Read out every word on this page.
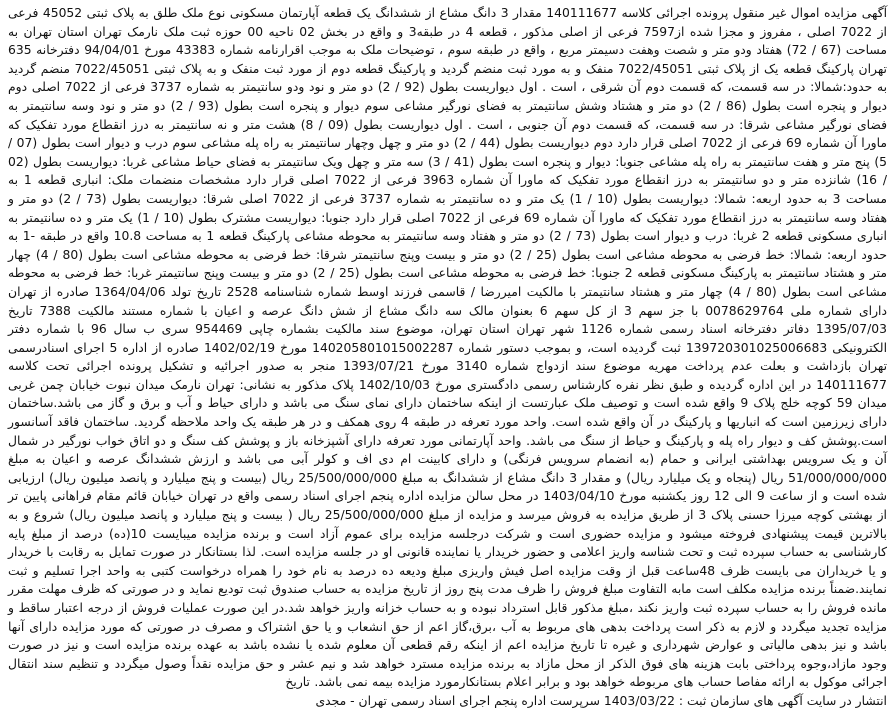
آگهی مزایده اموال غیر منقول پرونده اجرائی کلاسه 140111677 مقدار 3 دانگ مشاع از ششدانگ یک قطعه آپارتمان مسکونی نوع ملک طلق به پلاک ثبتی 45052 فرعی از 7022 اصلی ، مفروز و مجزا شده از7597 فرعی از اصلی مذکور ، قطعه 4 در طبقه3 و واقع در بخش 02 ناحیه 00 حوزه ثبت ملک نارمک تهران استان تهران به مساحت (67 / 72) هفتاد ودو متر و شصت وهفت دسیمتر مربع ، واقع در طبقه سوم ، توضیحات ملک به موجب اقرارنامه شماره 43383 مورخ 94/04/01 دفترخانه 635 تهران پارکینگ قطعه یک از پلاک ثبتی 7022/45051 منفک و به مورد ثبت منضم گردید و پارکینگ قطعه دوم از مورد ثبت منفک و به پلاک ثبتی 7022/45051 منضم گردید به حدود:شمالا: در سه قسمت، که قسمت دوم آن شرقی ، است . اول دیواریست بطول (92 / 2) دو متر و نود ودو سانتیمتر به شماره 3737 فرعی از 7022 اصلی دوم دیوار و پنجره است بطول (86 / 2) دو متر و هشتاد وشش سانتیمتر به فضای نورگیر مشاعی سوم دیوار و پنجره است بطول (93 / 2) دو متر و نود وسه سانتیمتر به فضای نورگیر مشاعی شرقا: در سه قسمت، که قسمت دوم آن جنوبی ، است . اول دیواریست بطول (09 / 8) هشت متر و نه سانتیمتر به درز انقطاع مورد تفکیک که ماورا آن شماره 69 فرعی از 7022 اصلی قرار دارد دوم دیواریست بطول (44 / 2) دو متر و چهل وچهار سانتیمتر به راه پله مشاعی سوم درب و دیوار است بطول (07 / 5) پنج متر و هفت سانتیمتر به راه پله مشاعی جنوبا: دیوار و پنجره است بطول (41 / 3) سه متر و چهل ویک سانتیمتر به فضای حیاط مشاعی غربا: دیواریست بطول (02 / 16) شانزده متر و دو سانتیمتر به درز انقطاع مورد تفکیک که ماورا آن شماره 3963 فرعی از 7022 اصلی قرار دارد مشخصات منضمات ملک: انباری قطعه 1 به مساحت 3 به حدود اربعه: شمالا: دیواریست بطول (10 / 1) یک متر و ده سانتیمتر به شماره 3737 فرعی از 7022 اصلی شرقا: دیواریست بطول (73 / 2) دو متر و هفتاد وسه سانتیمتر به درز انقطاع مورد تفکیک که ماورا آن شماره 69 فرعی از 7022 اصلی قرار دارد جنوبا: دیواریست مشترک بطول (10 / 1) یک متر و ده سانتیمتر به انباری مسکونی قطعه 2 غربا: درب و دیوار است بطول (73 / 2) دو متر و هفتاد وسه سانتیمتر به محوطه مشاعی پارکینگ قطعه 1 به مساحت 10.8 واقع در طبقه -1 به حدود اربعه: شمالا: خط فرضی به محوطه مشاعی است بطول (25 / 2) دو متر و بیست وپنج سانتیمتر شرقا: خط فرضی به محوطه مشاعی است بطول (80 / 4) چهار متر و هشتاد سانتیمتر به پارکینگ مسکونی قطعه 2 جنوبا: خط فرضی به محوطه مشاعی است بطول (25 / 2) دو متر و بیست وپنج سانتیمتر غربا: خط فرضی به محوطه مشاعی است بطول (80 / 4) چهار متر و هشتاد سانتیمتر با مالکیت امیررضا / قاسمی فرزند اوسط شماره شناسنامه 2528 تاریخ تولد 1364/04/06 صادره از تهران دارای شماره ملی 0078629764 با جز سهم 3 از کل سهم 6 بعنوان مالک سه دانگ مشاع از شش دانگ عرصه و اعیان با شماره مستند مالکیت 7388 تاریخ 1395/07/03 دفاتر دفترخانه اسناد رسمی شماره 1126 شهر تهران استان تهران، موضوع سند مالکیت بشماره چاپی 954469 سری ب سال 96 با شماره دفتر الکترونیکی 139720301025006683 ثبت گردیده است، و بموجب دستور شماره 140205801015002287 مورخ 1402/02/19 صادره از اداره 5 اجرای اسنادرسمی تهران بازداشت و بعلت عدم پرداخت مهریه موضوع سند ازدواج شماره 3140 مورخ 1393/07/21 منجر به صدور اجرائیه و تشکیل پرونده اجرائی تحت کلاسه 140111677 در این اداره گردیده و طبق نظر نفره کارشناس رسمی دادگستری مورخ 1402/10/03 پلاک مذکور به نشانی: تهران نارمک میدان نبوت خیابان چمن غربی میدان 59 کوچه خلج پلاک 9 واقع شده است و توصیف ملک عبارتست از اینکه ساختمان دارای نمای سنگ می باشد و دارای حیاط و آب و برق و گاز می باشد.ساختمان دارای زیرزمین است که انباریها و پارکینگ در آن واقع شده است. واحد مورد تعرفه در طبقه 4 روی همکف و در هر طبقه یک واحد ملاحظه گردید. ساختمان فاقد آسانسور است.پوشش کف و دیوار راه پله و پارکینگ و حیاط از سنگ می باشد. واحد آپارتمانی مورد تعرفه دارای آشپزخانه باز و پوشش کف سنگ و دو اتاق خواب نورگیر در شمال آن و یک سرویس بهداشتی ایرانی و حمام (به انضمام سرویس فرنگی) و دارای کابینت ام دی اف و کولر آبی می باشد و ارزش ششدانگ عرصه و اعیان به مبلغ 51/000/000/000 ریال (پنجاه و یک میلیارد ریال) و مقدار 3 دانگ مشاع از ششدانگ به مبلغ 25/500/000/000 ریال (بیست و پنج میلیارد و پانصد میلیون ریال) ارزیابی شده است و از ساعت 9 الی 12 روز یکشنبه مورخ 1403/04/10 در محل سالن مزایده اداره پنجم اجرای اسناد رسمی واقع در تهران خیابان قائم مقام فراهانی پایین تر از بهشتی کوچه میرزا حسنی پلاک 3 از طریق مزایده به فروش میرسد و مزایده از مبلغ 25/500/000/000 ریال ( بیست و پنج میلیارد و پانصد میلیون ریال) شروع و به بالاترین قیمت پیشنهادی فروخته میشود و مزایده حضوری است و شرکت درجلسه مزایده برای عموم آزاد است و برنده مزایده میبایست 10(ده) درصد از مبلغ پایه کارشناسی به حساب سپرده ثبت و تحت شناسه واریز اعلامی و حضور خریدار یا نماینده قانونی او در جلسه مزایده است. لذا بستانکار در صورت تمایل به رقابت با خریدار و یا خریداران می بایست ظرف 48ساعت قبل از وقت مزایده اصل فیش واریزی مبلغ ودیعه ده درصد به نام خود را همراه درخواست کتبی به واحد اجرا تسلیم و ثبت نمایند.ضمناً برنده مزایده مکلف است مابه التفاوت مبلغ فروش را ظرف مدت پنج روز از تاریخ مزایده به حساب صندوق ثبت تودیع نماید و در صورتی که ظرف مهلت مقرر مانده فروش را به حساب سپرده ثبت واریز نکند ،مبلغ مذکور قابل استرداد نبوده و به حساب خزانه واریز خواهد شد.در این صورت عملیات فروش از درجه اعتبار ساقط و مزایده تجدید میگردد و لازم به ذکر است پرداخت بدهی های مربوط به آب ،برق،گاز اعم از حق انشعاب و یا حق اشتراک و مصرف در صورتی که مورد مزایده دارای آنها باشد و نیز بدهی مالیاتی و عوارض شهرداری و غیره تا تاریخ مزایده اعم از اینکه رقم قطعی آن معلوم شده یا نشده باشد به عهده برنده مزایده است و نیز در صورت وجود مازاد،وجوه پرداختی بابت هزینه های فوق الذکر از محل مازاد به برنده مزایده مسترد خواهد شد و نیم عشر و حق مزایده نقداً وصول میگردد و تنظیم سند انتقال اجرائی موکول به ارائه مفاصا حساب های مربوطه خواهد بود و برابر اعلام بستانکارمورد مزایده بیمه نمی باشد. تاریخ

انتشار در سایت آگهی های سازمان ثبت : 1403/03/22 سرپرست اداره پنجم اجرای اسناد رسمی تهران - مجدی
